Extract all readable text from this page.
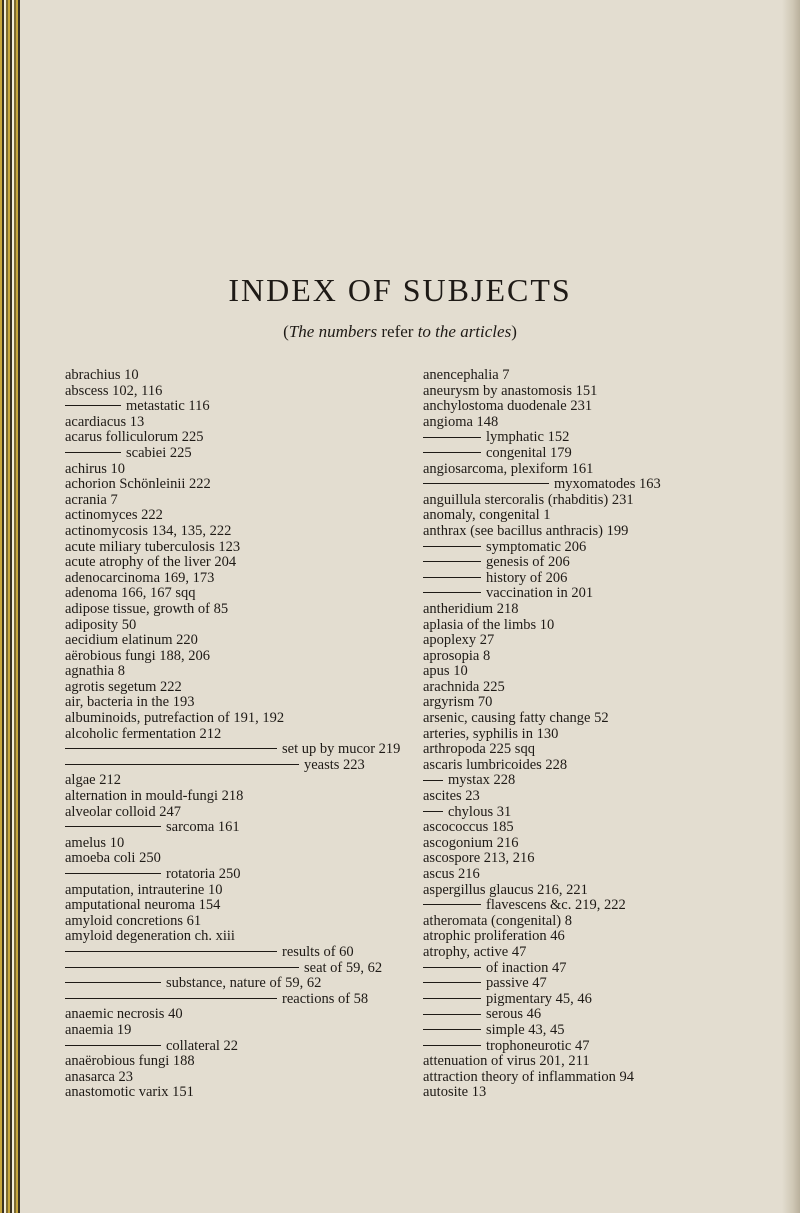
INDEX OF SUBJECTS

(The numbers refer to the articles)

abrachius 10
abscess 102, 116
metastatic 116
acardiacus 13
acarus folliculorum 225
scabiei 225
achirus 10
achorion Schönleinii 222
acrania 7
actinomyces 222
actinomycosis 134, 135, 222
acute miliary tuberculosis 123
acute atrophy of the liver 204
adenocarcinoma 169, 173
adenoma 166, 167 sqq
adipose tissue, growth of 85
adiposity 50
aecidium elatinum 220
aërobious fungi 188, 206
agnathia 8
agrotis segetum 222
air, bacteria in the 193
albuminoids, putrefaction of 191, 192
alcoholic fermentation 212
set up by mucor 219
yeasts 223
algae 212
alternation in mould-fungi 218
alveolar colloid 247
sarcoma 161
amelus 10
amoeba coli 250
rotatoria 250
amputation, intrauterine 10
amputational neuroma 154
amyloid concretions 61
amyloid degeneration ch. xiii
results of 60
seat of 59, 62
substance, nature of 59, 62
reactions of 58
anaemic necrosis 40
anaemia 19
collateral 22
anaërobious fungi 188
anasarca 23
anastomotic varix 151
anencephalia 7
aneurysm by anastomosis 151
anchylostoma duodenale 231
angioma 148
lymphatic 152
congenital 179
angiosarcoma, plexiform 161
myxomatodes 163
anguillula stercoralis (rhabditis) 231
anomaly, congenital 1
anthrax (see bacillus anthracis) 199
symptomatic 206
genesis of 206
history of 206
vaccination in 201
antheridium 218
aplasia of the limbs 10
apoplexy 27
aprosopia 8
apus 10
arachnida 225
argyrism 70
arsenic, causing fatty change 52
arteries, syphilis in 130
arthropoda 225 sqq
ascaris lumbricoides 228
mystax 228
ascites 23
chylous 31
ascococcus 185
ascogonium 216
ascospore 213, 216
ascus 216
aspergillus glaucus 216, 221
flavescens &c. 219, 222
atheromata (congenital) 8
atrophic proliferation 46
atrophy, active 47
of inaction 47
passive 47
pigmentary 45, 46
serous 46
simple 43, 45
trophoneurotic 47
attenuation of virus 201, 211
attraction theory of inflammation 94
autosite 13
